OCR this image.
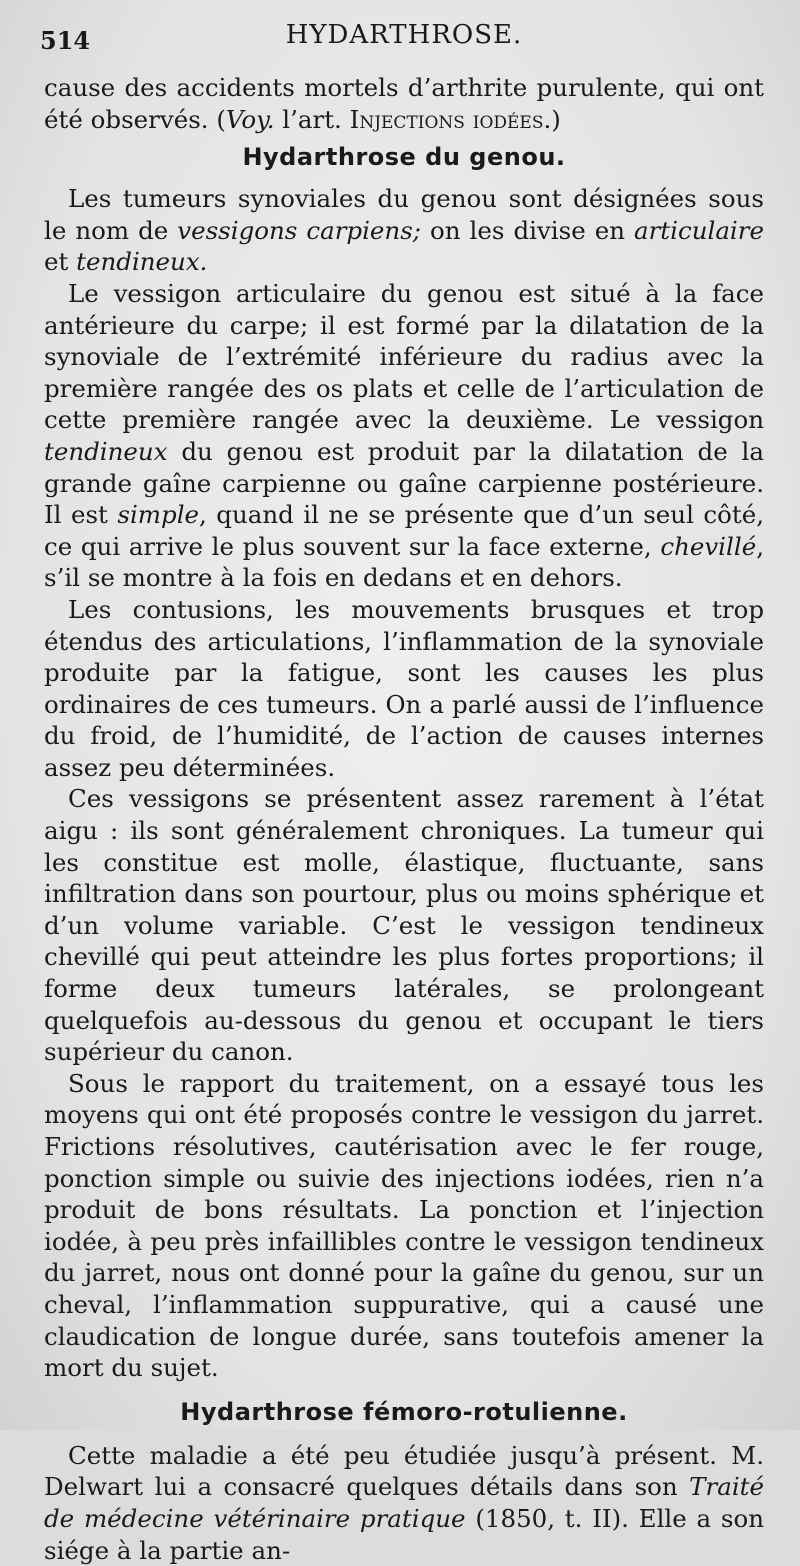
514	HYDARTHROSE.

cause des accidents mortels d’arthrite purulente, qui ont été observés. (Voy. l’art. Injections iodées.)

Hydarthrose du genou.

Les tumeurs synoviales du genou sont désignées sous le nom de vessigons carpiens; on les divise en articulaire et tendineux.

Le vessigon articulaire du genou est situé à la face antérieure du carpe; il est formé par la dilatation de la synoviale de l’extrémité inférieure du radius avec la première rangée des os plats et celle de l’articulation de cette première rangée avec la deuxième. Le vessigon tendineux du genou est produit par la dilatation de la grande gaîne carpienne ou gaîne carpienne postérieure. Il est simple, quand il ne se présente que d’un seul côté, ce qui arrive le plus souvent sur la face externe, chevillé, s’il se montre à la fois en dedans et en dehors.

Les contusions, les mouvements brusques et trop étendus des articulations, l’inflammation de la synoviale produite par la fatigue, sont les causes les plus ordinaires de ces tumeurs. On a parlé aussi de l’influence du froid, de l’humidité, de l’action de causes internes assez peu déterminées.

Ces vessigons se présentent assez rarement à l’état aigu : ils sont généralement chroniques. La tumeur qui les constitue est molle, élastique, fluctuante, sans infiltration dans son pourtour, plus ou moins sphérique et d’un volume variable. C’est le vessigon tendineux chevillé qui peut atteindre les plus fortes proportions; il forme deux tumeurs latérales, se prolongeant quelquefois au-dessous du genou et occupant le tiers supérieur du canon.

Sous le rapport du traitement, on a essayé tous les moyens qui ont été proposés contre le vessigon du jarret. Frictions résolutives, cautérisation avec le fer rouge, ponction simple ou suivie des injections iodées, rien n’a produit de bons résultats. La ponction et l’injection iodée, à peu près infaillibles contre le vessigon tendineux du jarret, nous ont donné pour la gaîne du genou, sur un cheval, l’inflammation suppurative, qui a causé une claudication de longue durée, sans toutefois amener la mort du sujet.

Hydarthrose fémoro-rotulienne.

Cette maladie a été peu étudiée jusqu’à présent. M. Delwart lui a consacré quelques détails dans son Traité de médecine vétérinaire pratique (1850, t. II). Elle a son siége à la partie an-
